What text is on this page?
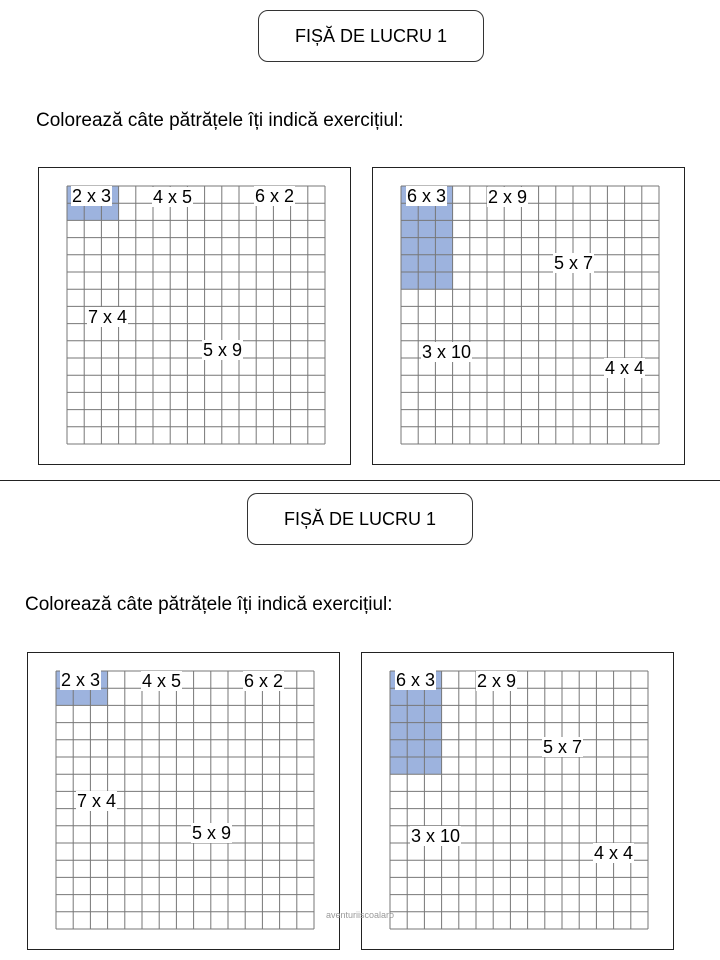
FIȘĂ DE LUCRU 1
Colorează câte pătrățele îți indică exercițiul:
2 x 3 4 x 5	6 x 2
7 x 4
5 x 9
6 x 3 2 x 9
5 x 7
3 x 10
4 x 4
FIȘĂ DE LUCRU 1
Colorează câte pătrățele îți indică exercițiul:
2 x 3 4 x 5	6 x 2
7 x 4
5 x 9
6 x 3 2 x 9
5 x 7
3 x 10
4 x 4
aventuriiscoalaro
